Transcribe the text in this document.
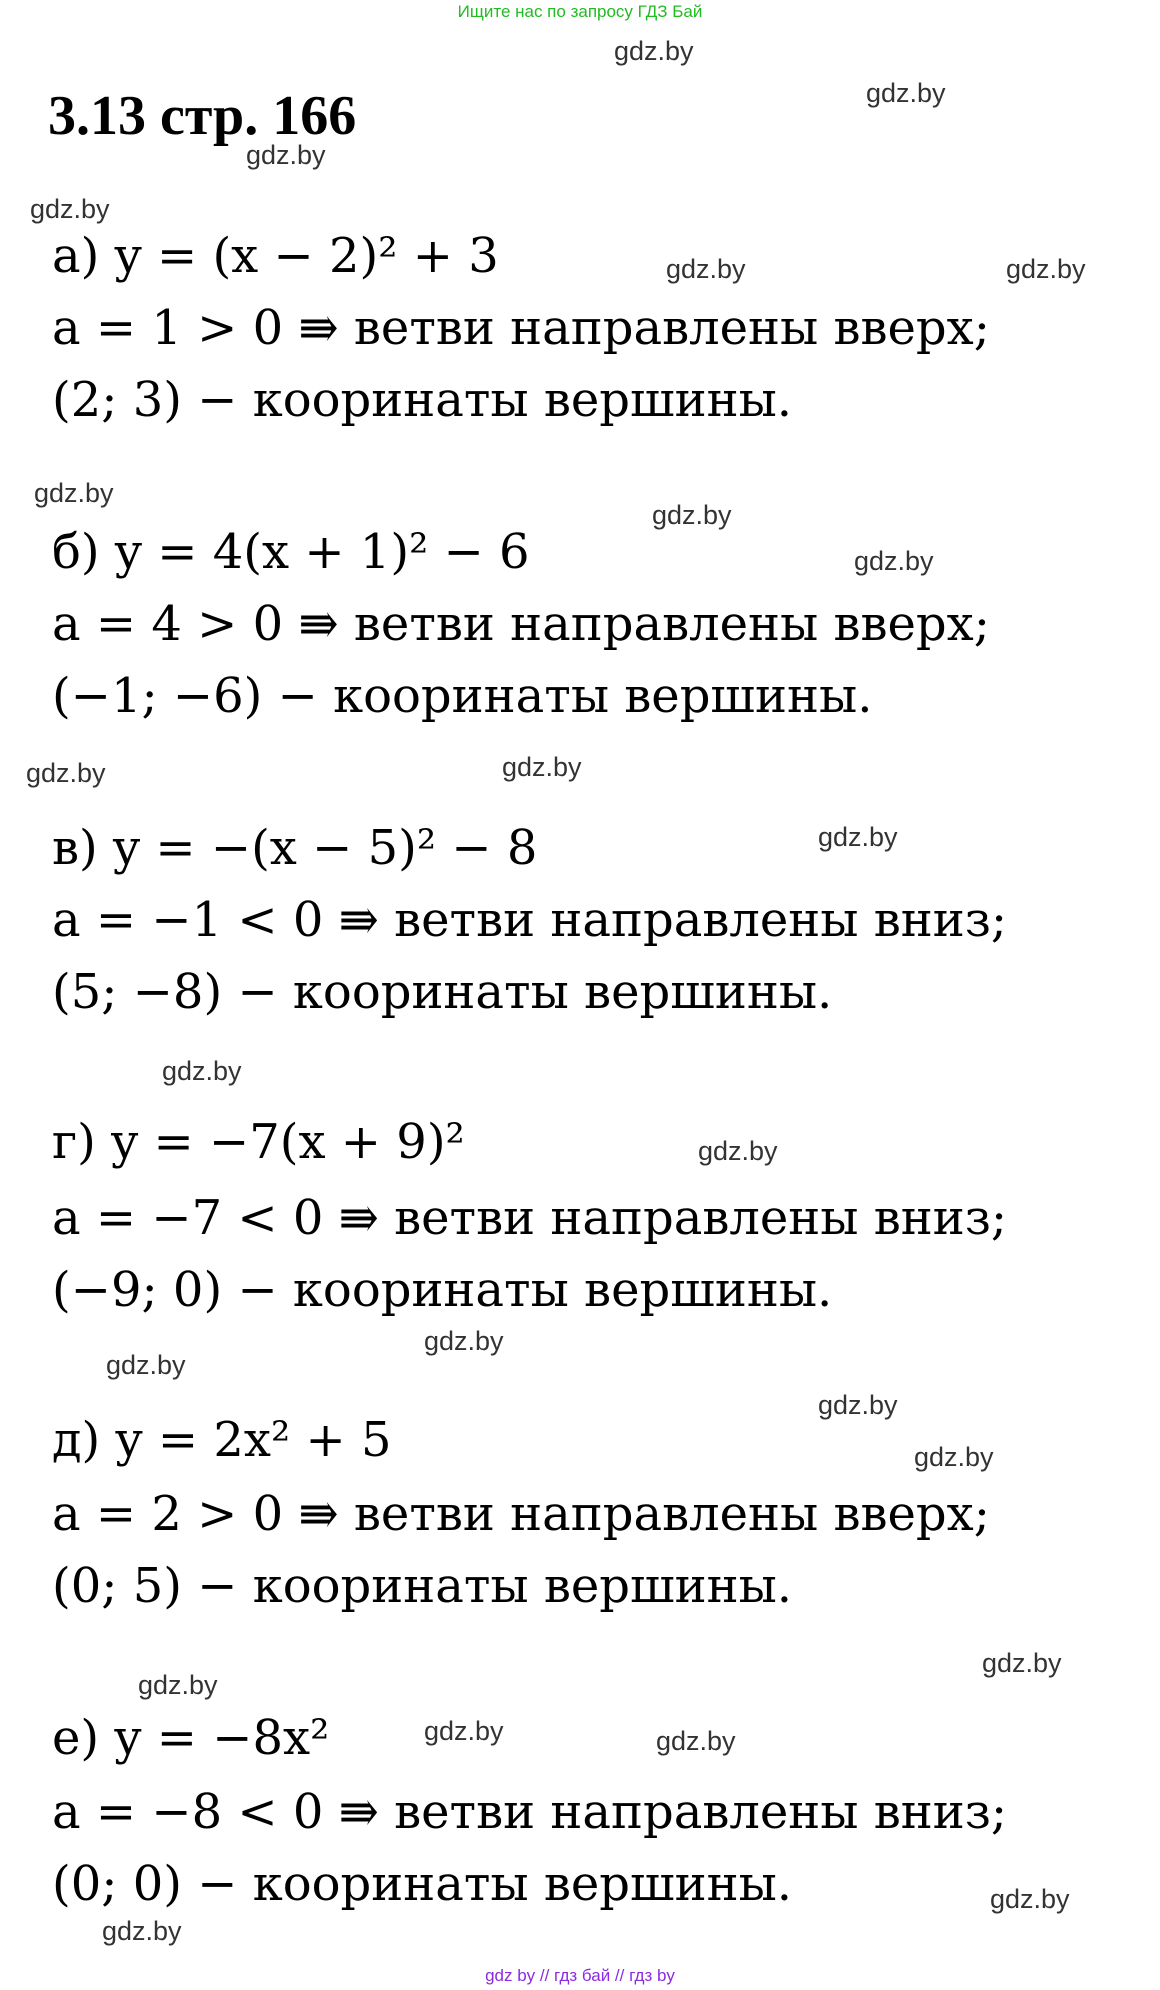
Ищите нас по запросу ГДЗ Бай
3.13 стр. 166
а) y = (x − 2)² + 3
a = 1 > 0 ⇛ ветви направлены вверх;
(2; 3) − кооринаты вершины.
б) y = 4(x + 1)² − 6
a = 4 > 0 ⇛ ветви направлены вверх;
(−1; −6) − кооринаты вершины.
в) y = −(x − 5)² − 8
a = −1 < 0 ⇛ ветви направлены вниз;
(5; −8) − кооринаты вершины.
г) y = −7(x + 9)²
a = −7 < 0 ⇛ ветви направлены вниз;
(−9; 0) − кооринаты вершины.
д) y = 2x² + 5
a = 2 > 0 ⇛ ветви направлены вверх;
(0; 5) − кооринаты вершины.
е) y = −8x²
a = −8 < 0 ⇛ ветви направлены вниз;
(0; 0) − кооринаты вершины.
gdz.by
gdz.by
gdz.by
gdz.by
gdz.by	gdz.by
gdz.by
gdz.by
gdz.by
gdz.by	gdz.by
gdz.by
gdz.by
gdz.by
gdz.by
gdz.by
gdz.by
gdz.by
gdz.by
gdz.by
gdz.by	gdz.by
gdz.by
gdz.by
gdz by // гдз бай // гдз by
